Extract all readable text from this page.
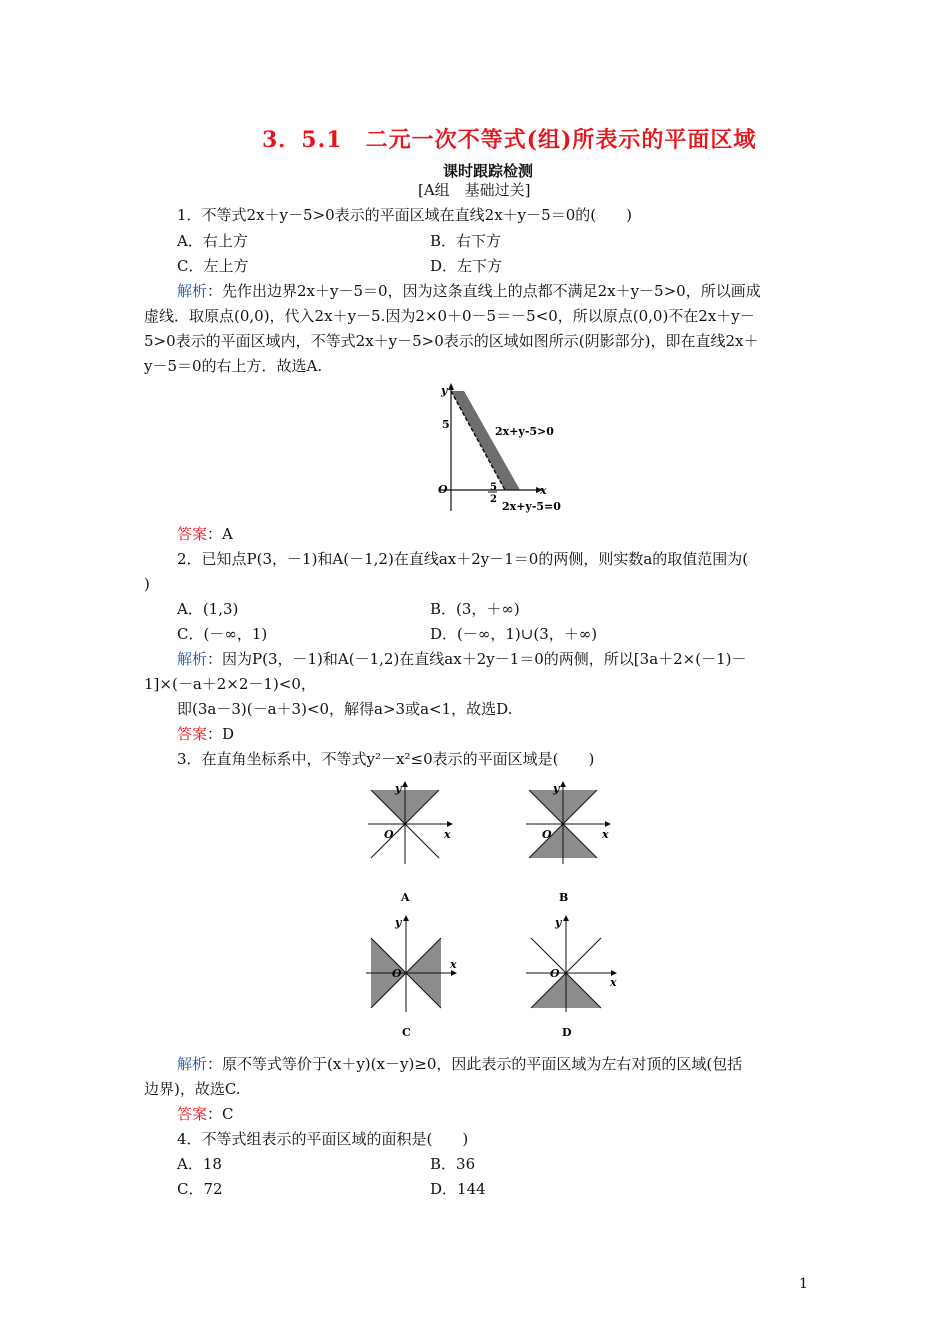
3．5.1　二元一次不等式(组)所表示的平面区域
课时跟踪检测
[A组　基础过关]
1．不等式2x＋y－5>0表示的平面区域在直线2x＋y－5＝0的(　　)
A．右上方	B．右下方
C．左上方	D．左下方
解析：先作出边界2x＋y－5＝0，因为这条直线上的点都不满足2x＋y－5>0，所以画成
虚线．取原点(0,0)，代入2x＋y－5.因为2×0＋0－5＝－5<0，所以原点(0,0)不在2x＋y－
5>0表示的平面区域内，不等式2x＋y－5>0表示的区域如图所示(阴影部分)，即在直线2x＋
y－5＝0的右上方．故选A.
y
x
O
5
5
2
2x+y-5>0
2x+y-5=0
答案：A
2．已知点P(3，－1)和A(－1,2)在直线ax＋2y－1＝0的两侧，则实数a的取值范围为(
)
A．(1,3)	B．(3，＋∞)
C．(－∞，1)	D．(－∞，1)∪(3，＋∞)
解析：因为P(3，－1)和A(－1,2)在直线ax＋2y－1＝0的两侧，所以[3a＋2×(－1)－
1]×(－a＋2×2－1)<0，
即(3a－3)(－a＋3)<0，解得a>3或a<1，故选D.
答案：D
3．在直角坐标系中，不等式y²－x²≤0表示的平面区域是(　　)
y
x
O
A
y
x
O
B
y
x
O
C
y
x
O
D
解析：原不等式等价于(x＋y)(x－y)≥0，因此表示的平面区域为左右对顶的区域(包括
边界)，故选C.
答案：C
4．不等式组表示的平面区域的面积是(　　)
A．18	B．36
C．72	D．144
1
